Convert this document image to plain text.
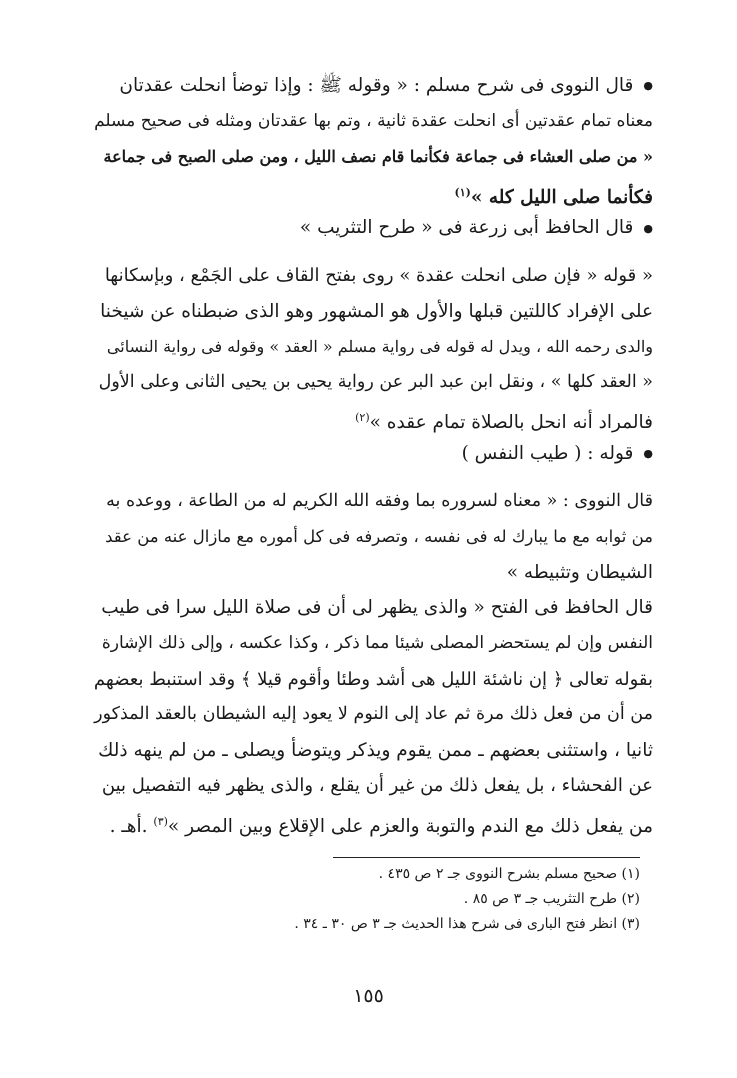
● قال النووى فى شرح مسلم : « وقوله ﷺ : وإذا توضأ انحلت عقدتان
معناه تمام عقدتين أى انحلت عقدة ثانية ، وتم بها عقدتان ومثله فى صحيح مسلم
« من صلى العشاء فى جماعة فكأنما قام نصف الليل ، ومن صلى الصبح فى جماعة
فكأنما صلى الليل كله »$^{(١)}$
● قال الحافظ أبى زرعة فى « طرح التثريب »
« قوله « فإن صلى انحلت عقدة » روى بفتح القاف على الجَمْع ، وبإسكانها
على الإفراد كاللتين قبلها والأول هو المشهور وهو الذى ضبطناه عن شيخنا
والدى رحمه الله ، ويدل له قوله فى رواية مسلم « العقد » وقوله فى رواية النسائى
« العقد كلها » ، ونقل ابن عبد البر عن رواية يحيى بن يحيى الثانى وعلى الأول
فالمراد أنه انحل بالصلاة تمام عقده »$^{(٢)}$
● قوله : ( طيب النفس )
قال النووى : « معناه لسروره بما وفقه الله الكريم له من الطاعة ، ووعده به
من ثوابه مع ما يبارك له فى نفسه ، وتصرفه فى كل أموره مع مازال عنه من عقد
الشيطان وتثبيطه »
قال الحافظ فى الفتح « والذى يظهر لى أن فى صلاة الليل سرا فى طيب
النفس وإن لم يستحضر المصلى شيئا مما ذكر ، وكذا عكسه ، وإلى ذلك الإشارة
بقوله تعالى ﴿ إن ناشئة الليل هى أشد وطئا وأقوم قيلا ﴾ وقد استنبط بعضهم
من أن من فعل ذلك مرة ثم عاد إلى النوم لا يعود إليه الشيطان بالعقد المذكور
ثانيا ، واستثنى بعضهم ـ ممن يقوم ويذكر ويتوضأ ويصلى ـ من لم ينهه ذلك
عن الفحشاء ، بل يفعل ذلك من غير أن يقلع ، والذى يظهر فيه التفصيل بين
من يفعل ذلك مع الندم والتوبة والعزم على الإقلاع وبين المصر »$^{(٣)}$ .أهـ .
(١) صحيح مسلم بشرح النووى جـ ٢ ص ٤٣٥ .
(٢) طرح التثريب جـ ٣ ص ٨٥ .
(٣) انظر فتح البارى فى شرح هذا الحديث جـ ٣ ص ٣٠ ـ ٣٤ .
١٥٥
